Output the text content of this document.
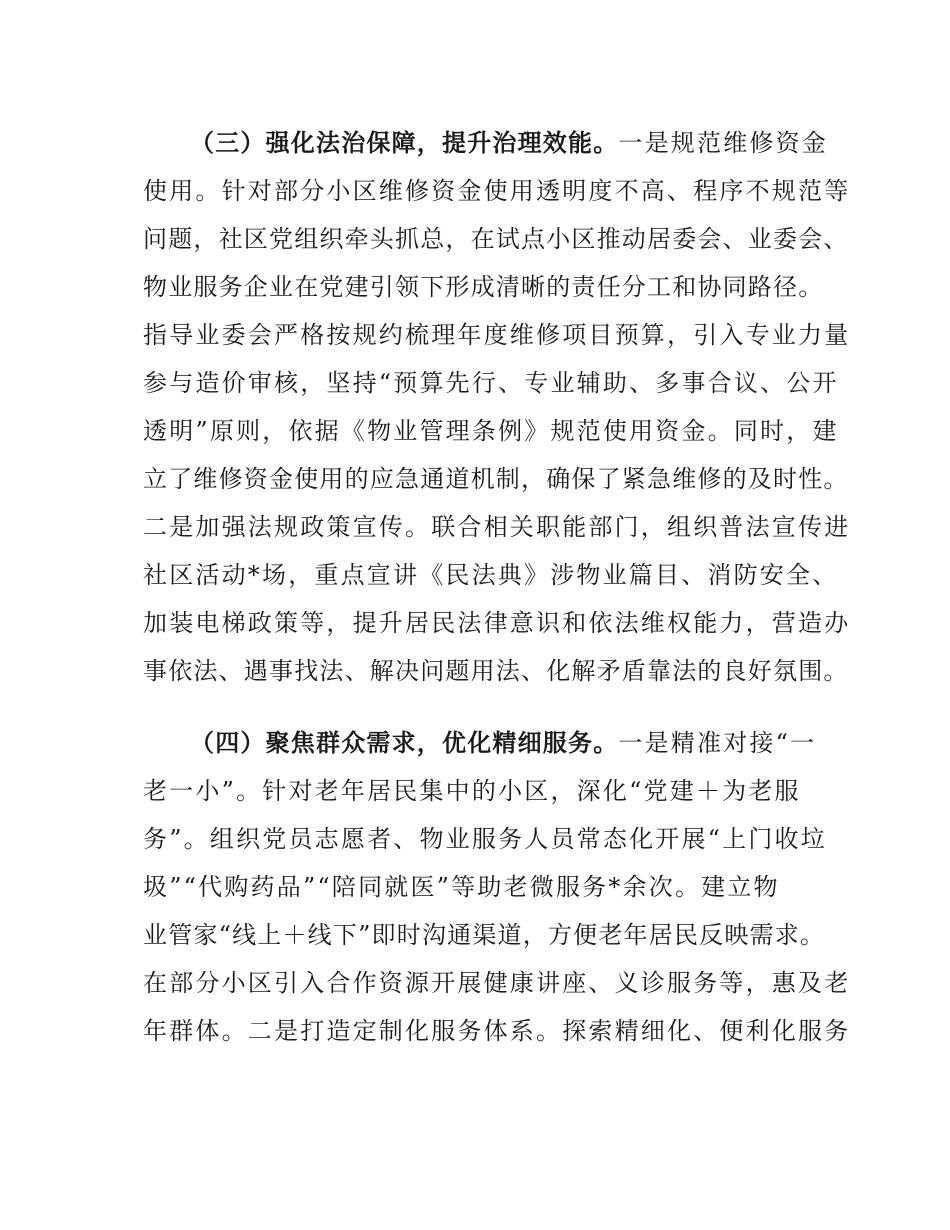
（三）强化法治保障，提升治理效能。一是规范维修资金
使用。针对部分小区维修资金使用透明度不高、程序不规范等
问题，社区党组织牵头抓总，在试点小区推动居委会、业委会、
物业服务企业在党建引领下形成清晰的责任分工和协同路径。
指导业委会严格按规约梳理年度维修项目预算，引入专业力量
参与造价审核，坚持“预算先行、专业辅助、多事合议、公开
透明”原则，依据《物业管理条例》规范使用资金。同时，建
立了维修资金使用的应急通道机制，确保了紧急维修的及时性。
二是加强法规政策宣传。联合相关职能部门，组织普法宣传进
社区活动*场，重点宣讲《民法典》涉物业篇目、消防安全、
加装电梯政策等，提升居民法律意识和依法维权能力，营造办
事依法、遇事找法、解决问题用法、化解矛盾靠法的良好氛围。
（四）聚焦群众需求，优化精细服务。一是精准对接“一
老一小”。针对老年居民集中的小区，深化“党建＋为老服
务”。组织党员志愿者、物业服务人员常态化开展“上门收垃
圾”“代购药品”“陪同就医”等助老微服务*余次。建立物
业管家“线上＋线下”即时沟通渠道，方便老年居民反映需求。
在部分小区引入合作资源开展健康讲座、义诊服务等，惠及老
年群体。二是打造定制化服务体系。探索精细化、便利化服务
